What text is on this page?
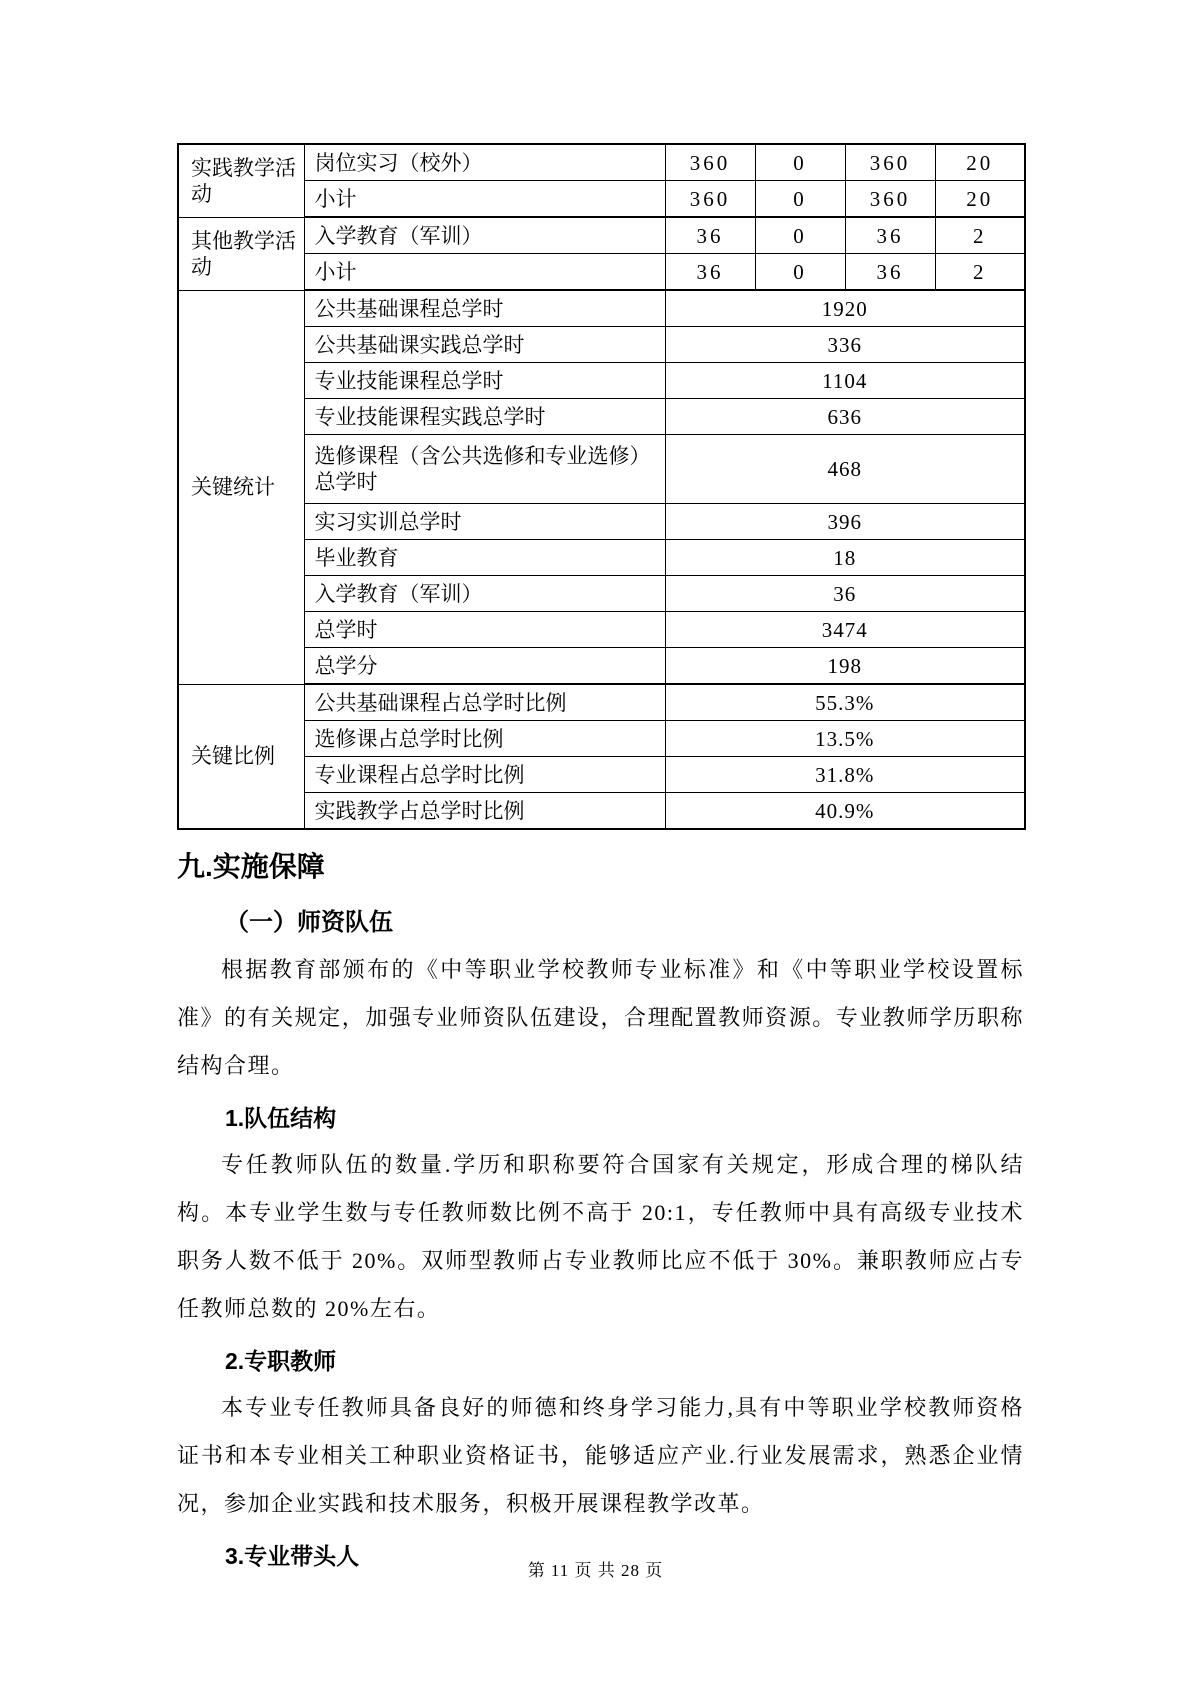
实践教学活动	岗位实习（校外）	360	0	360	20
	小计	360	0	360	20
其他教学活动	入学教育（军训）	36	0	36	2
	小计	36	0	36	2
关键统计	公共基础课程总学时	1920			
	公共基础课实践总学时	336			
	专业技能课程总学时	1104			
	专业技能课程实践总学时	636			
	选修课程（含公共选修和专业选修）总学时	468			
	实习实训总学时	396			
	毕业教育	18			
	入学教育（军训）	36			
	总学时	3474			
	总学分	198			
关键比例	公共基础课程占总学时比例	55.3%			
	选修课占总学时比例	13.5%			
	专业课程占总学时比例	31.8%			
	实践教学占总学时比例	40.9%			
九.实施保障
（一）师资队伍

根据教育部颁布的《中等职业学校教师专业标准》和《中等职业学校设置标准》的有关规定，加强专业师资队伍建设，合理配置教师资源。专业教师学历职称结构合理。

1.队伍结构

专任教师队伍的数量.学历和职称要符合国家有关规定，形成合理的梯队结构。本专业学生数与专任教师数比例不高于 20:1，专任教师中具有高级专业技术职务人数不低于 20%。双师型教师占专业教师比应不低于 30%。兼职教师应占专任教师总数的 20%左右。

2.专职教师

本专业专任教师具备良好的师德和终身学习能力,具有中等职业学校教师资格证书和本专业相关工种职业资格证书，能够适应产业.行业发展需求，熟悉企业情况，参加企业实践和技术服务，积极开展课程教学改革。

3.专业带头人
第 11 页 共 28 页
